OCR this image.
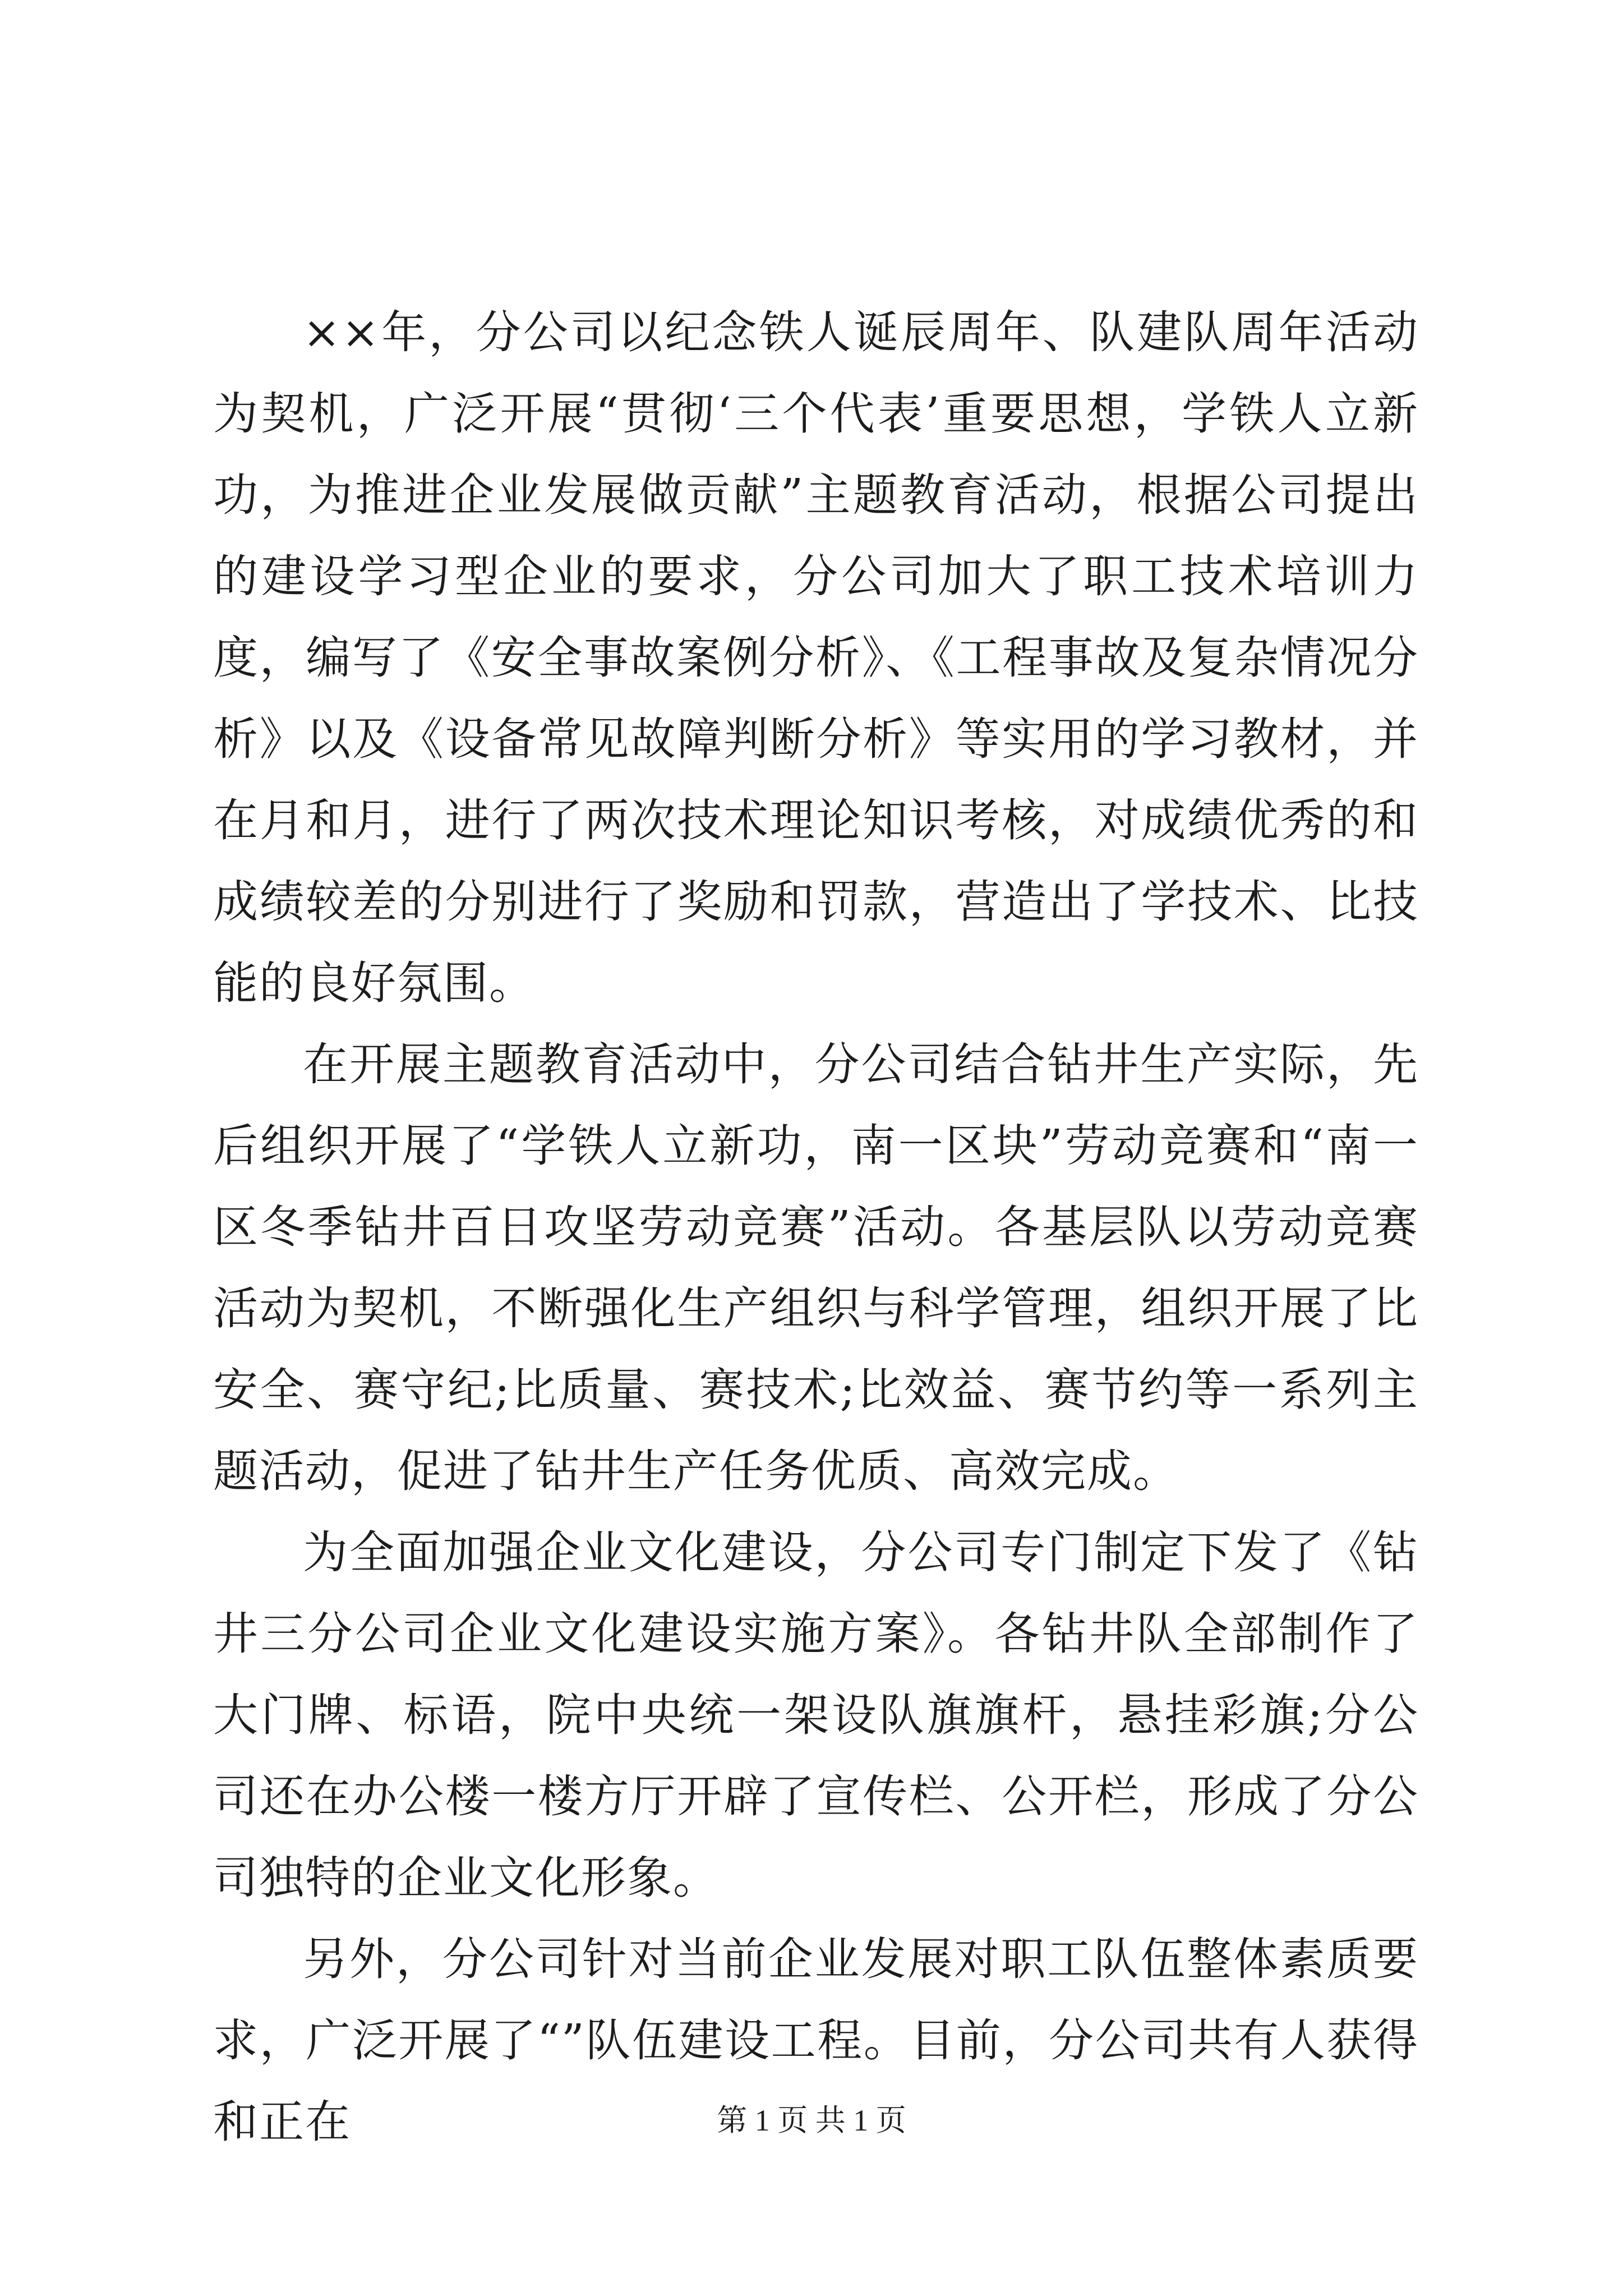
××年，分公司以纪念铁人诞辰周年、队建队周年活动为契机，广泛开展“贯彻‘三个代表’重要思想，学铁人立新功，为推进企业发展做贡献”主题教育活动，根据公司提出的建设学习型企业的要求，分公司加大了职工技术培训力度，编写了《安全事故案例分析》、《工程事故及复杂情况分析》以及《设备常见故障判断分析》等实用的学习教材，并在月和月，进行了两次技术理论知识考核，对成绩优秀的和成绩较差的分别进行了奖励和罚款，营造出了学技术、比技能的良好氛围。

在开展主题教育活动中，分公司结合钻井生产实际，先后组织开展了“学铁人立新功，南一区块”劳动竞赛和“南一区冬季钻井百日攻坚劳动竞赛”活动。各基层队以劳动竞赛活动为契机，不断强化生产组织与科学管理，组织开展了比安全、赛守纪;比质量、赛技术;比效益、赛节约等一系列主题活动，促进了钻井生产任务优质、高效完成。

为全面加强企业文化建设，分公司专门制定下发了《钻井三分公司企业文化建设实施方案》。各钻井队全部制作了大门牌、标语，院中央统一架设队旗旗杆，悬挂彩旗;分公司还在办公楼一楼方厅开辟了宣传栏、公开栏，形成了分公司独特的企业文化形象。

另外，分公司针对当前企业发展对职工队伍整体素质要求，广泛开展了“”队伍建设工程。目前，分公司共有人获得和正在	第 1 页 共 1 页
